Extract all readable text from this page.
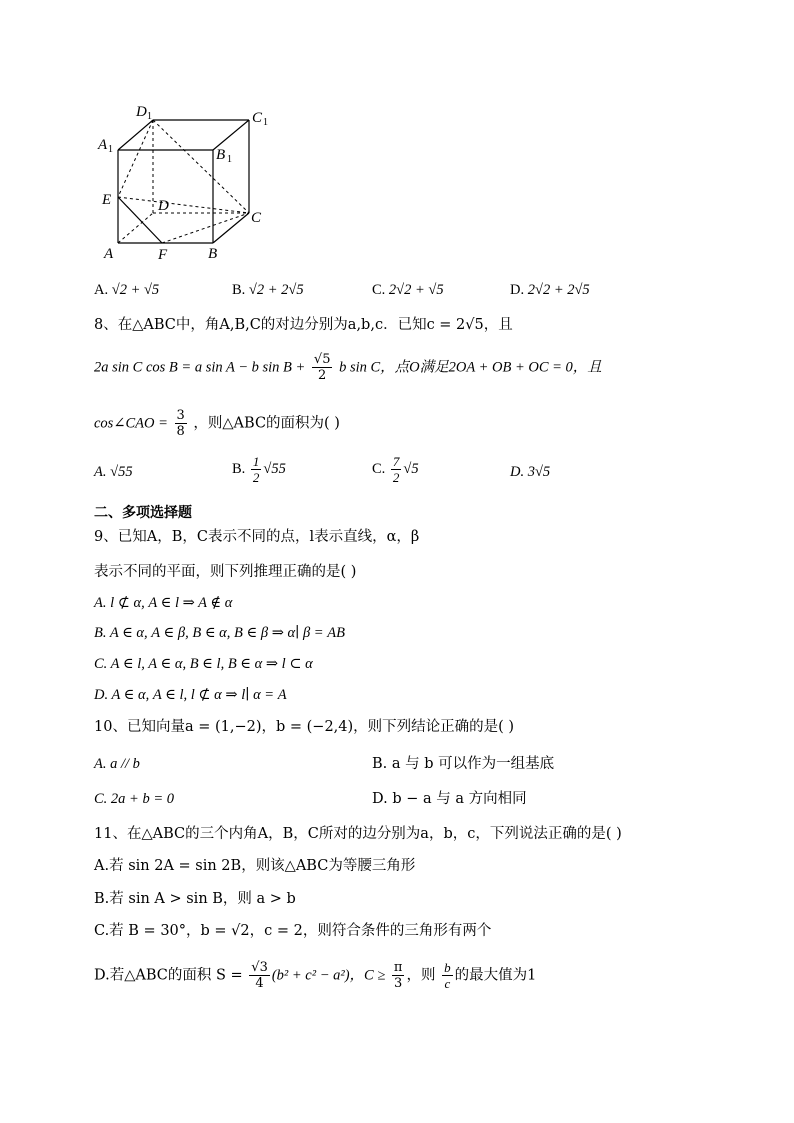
D 1	C 1
A 1	B 1
E	D
C
A	F	B
A. √2 + √5	B. √2 + 2√5	C. 2√2 + √5	D. 2√2 + 2√5
8、在△ABC中，角A,B,C的对边分别为a,b,c．已知c = 2√5，且
2a sin C cos B = a sin A − b $\sin B + \frac{√5}{2}$ b sin C，点O满足2OA + OB + OC = 0，且
cos∠CAO = $\frac{3}{8}$ ，则△ABC的面积为( )
A. √55	B. $\frac{1}{2} √55$	C. $\frac{7}{2} √5$	D. 3√5
二、多项选择题
9、已知A，B，C表示不同的点，l表示直线，α，β
表示不同的平面，则下列推理正确的是( )
A. l ⊄ α, A ∈ l ⇒ A ∉ α
B. A ∈ α, A ∈ β, B ∈ α, B ∈ β ⇒ α∣ β = AB
C. A ∈ l, A ∈ α, B ∈ l, B ∈ α ⇒ l ⊂ α
D. A ∈ α, A ∈ l, l ⊄ α ⇒ l∣ α = A
10、已知向量a = (1,−2)，b = (−2,4)，则下列结论正确的是( )
A. a // b	B. a 与 b 可以作为一组基底
C. 2a + b = 0	D. b − a 与 a 方向相同
11、在△ABC的三个内角A，B，C所对的边分别为a，b，c，下列说法正确的是( )
A.若 sin 2A = sin 2B，则该△ABC为等腰三角形
B.若 sin A > sin B，则 a > b
C.若 B = 30°，b = √2，c = 2，则符合条件的三角形有两个
D.若△ABC的面积 $S = \frac{√3}{4} (b^2 + c^2 - a^2)$，$C \ge \frac{\pi}{3}$ ，则 $\frac{b}{c}$ 的最大值为1
